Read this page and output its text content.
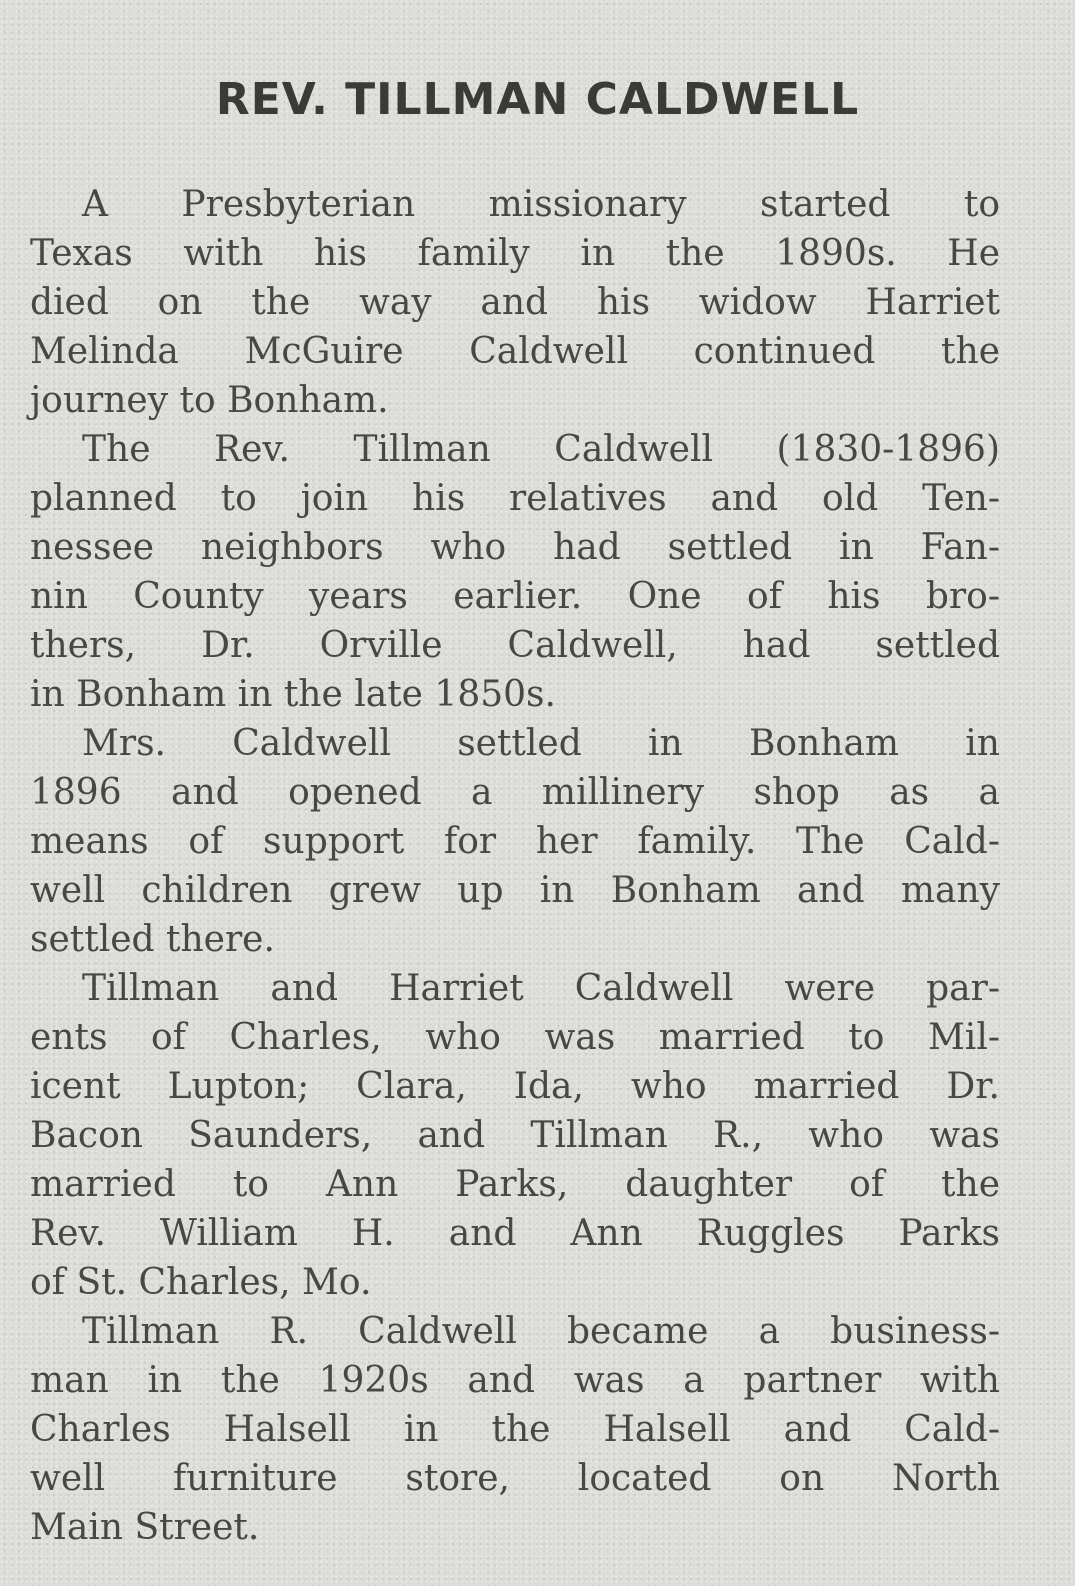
REV. TILLMAN CALDWELL

A Presbyterian missionary started to
Texas with his family in the 1890s. He
died on the way and his widow Harriet
Melinda McGuire Caldwell continued the
journey to Bonham.

The Rev. Tillman Caldwell (1830-1896)
planned to join his relatives and old Ten-
nessee neighbors who had settled in Fan-
nin County years earlier. One of his bro-
thers, Dr. Orville Caldwell, had settled
in Bonham in the late 1850s.

Mrs. Caldwell settled in Bonham in
1896 and opened a millinery shop as a
means of support for her family. The Cald-
well children grew up in Bonham and many
settled there.

Tillman and Harriet Caldwell were par-
ents of Charles, who was married to Mil-
icent Lupton; Clara, Ida, who married Dr.
Bacon Saunders, and Tillman R., who was
married to Ann Parks, daughter of the
Rev. William H. and Ann Ruggles Parks
of St. Charles, Mo.

Tillman R. Caldwell became a business-
man in the 1920s and was a partner with
Charles Halsell in the Halsell and Cald-
well furniture store, located on North
Main Street.
